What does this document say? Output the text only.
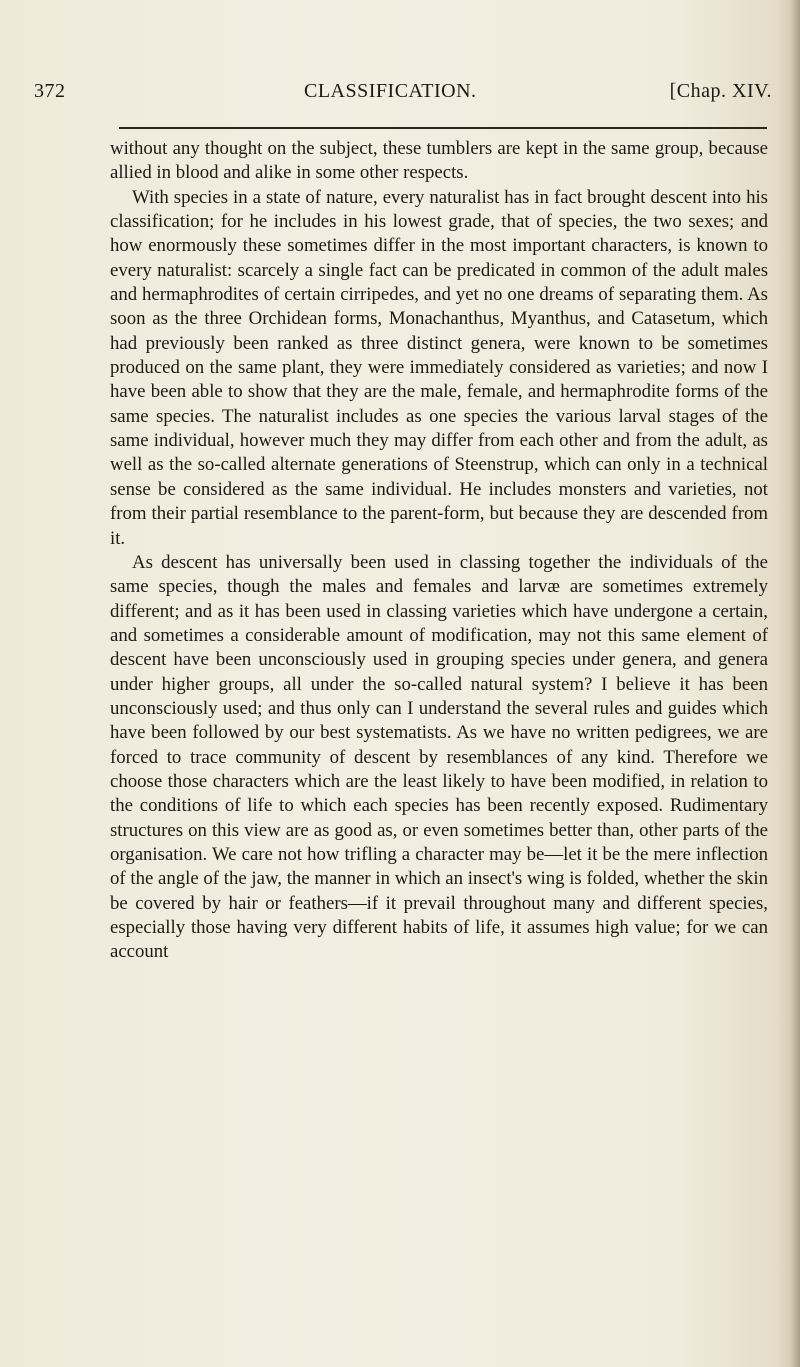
372	CLASSIFICATION.	[Chap. XIV.

without any thought on the subject, these tumblers are kept in the same group, because allied in blood and alike in some other respects.

With species in a state of nature, every naturalist has in fact brought descent into his classification; for he includes in his lowest grade, that of species, the two sexes; and how enormously these sometimes differ in the most important characters, is known to every naturalist: scarcely a single fact can be predicated in common of the adult males and hermaphrodites of certain cirripedes, and yet no one dreams of separating them. As soon as the three Orchidean forms, Monachanthus, Myanthus, and Catasetum, which had previously been ranked as three distinct genera, were known to be sometimes produced on the same plant, they were immediately considered as varieties; and now I have been able to show that they are the male, female, and hermaphrodite forms of the same species. The naturalist includes as one species the various larval stages of the same individual, however much they may differ from each other and from the adult, as well as the so-called alternate generations of Steenstrup, which can only in a technical sense be considered as the same individual. He includes monsters and varieties, not from their partial resemblance to the parent-form, but because they are descended from it.

As descent has universally been used in classing together the individuals of the same species, though the males and females and larvæ are sometimes extremely different; and as it has been used in classing varieties which have undergone a certain, and sometimes a considerable amount of modification, may not this same element of descent have been unconsciously used in grouping species under genera, and genera under higher groups, all under the so-called natural system? I believe it has been unconsciously used; and thus only can I understand the several rules and guides which have been followed by our best systematists. As we have no written pedigrees, we are forced to trace community of descent by resemblances of any kind. Therefore we choose those characters which are the least likely to have been modified, in relation to the conditions of life to which each species has been recently exposed. Rudimentary structures on this view are as good as, or even sometimes better than, other parts of the organisation. We care not how trifling a character may be—let it be the mere inflection of the angle of the jaw, the manner in which an insect's wing is folded, whether the skin be covered by hair or feathers—if it prevail throughout many and different species, especially those having very different habits of life, it assumes high value; for we can account
